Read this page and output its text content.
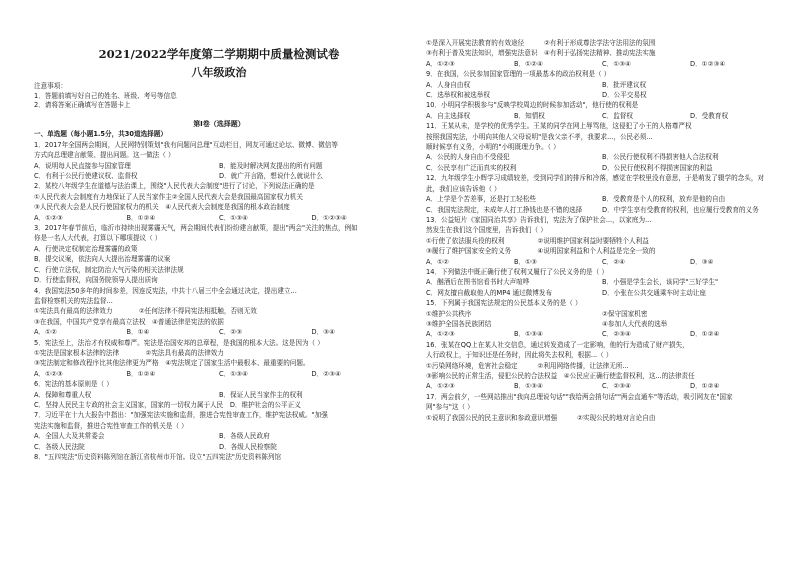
2021/2022学年度第二学期期中质量检测试卷
八年级政治
注意事项：
1．答题前填写好自己的姓名、班级、考号等信息
2．请将答案正确填写在答题卡上
第I卷（选择题）
一、单选题（每小题1.5分，共30道选择题）
1．2017年全国两会期间，人民网特别策划"我有问题问总理"互动栏目，网友可通过论坛、微博、微信等
方式向总理建言献策、提出问题。这一做法（ ）
A．说明每人民直接参与国家管理	B．能及时解决网友提出的所有问题
C．有利于公民行使建议权、监督权	D．就广开言路，想说什么就说什么
2．某校八年级学生在道德与法治课上，围绕"人民代表大会制度"进行了讨论，下列说法正确的是
①人民代表大会制度有力地保证了人民当家作主②全国人民代表大会是我国最高国家权力机关
③人民代表大会是人民行使国家权力的机关　④人民代表大会制度是我国的根本政治制度
A．①②③	B．①②④	C．①③④	D．①②③④
3．2017年春节前后，临沂市持续出现雾霾天气，两会期间代表们纷纷建言献策，提出"两会"关注的焦点，例如
你是一名人大代表，打算以下哪项提议（ ）
A．行使决定权制定治理雾霾的政策
B．提交议案，依法向人大提出治理雾霾的议案
C．行使立法权，制定防治大气污染的相关法律法规
D．行使监督权，向国务院领导人提出质询
4．我国宪法50多年的时间参差，因连反宪法，中共十八届三中全会通过决定，提出建立...
监督检察机关的宪法监督...
①宪法具有最高的法律效力　　　　②任何法律不得同宪法相抵触，否则无效
③在我国，中国共产党享有最高立法权　④普通法律是宪法的依据
A．①②	B．①④	C．②③	D．③④
5．宪法至上，法治才有权威和尊严。宪法是治国安邦的总章程，是我国的根本大法。这是因为（ ）
①宪法是国家根本法律的法律　　　　②宪法具有最高的法律效力
③宪法制定和修改程序比其他法律更为严格　④宪法规定了国家生活中最根本、最重要的问题。
A．①②③	B．①②④	C．①③④	D．②③④
6．宪法的基本原则是（ ）
A．保障和尊重人权	B．保证人民当家作主的权利
C．坚持人民民主专政的社会主义国家，国家的一切权力属于人民　D．维护社会的公平正义
7．习近平在十九大报告中指出："加强宪法实施和监督，推进合宪性审查工作，维护宪法权威。"加强
宪法实施和监督，推进合宪性审查工作的机关是（ ）
A．全国人大及其常委会	B．各级人民政府
C．各级人民法院	D．各级人民检察院
8．"五四宪法"历史资料陈列馆在浙江省杭州市开馆。设立"五四宪法"历史资料陈列馆
①是深入开展宪法教育的有效途径　　　②有利于形成尊法学法守法用法的氛围
③有利于普及宪法知识，增强宪法意识　④有利于弘扬宪法精神、推动宪法实施
A．①②③	B．①②④	C．①③④	D．①②③④
9．在我国，公民参加国家管理的一项最基本的政治权利是（ ）
A．人身自由权	B．批评建议权
C．选举权和被选举权	D．公平交易权
10．小明同学积极参与"反映学校周边的时候参加活动"，他行使的权利是
A．自主选择权	B．知情权	C．监督权	D．受教育权
11．王某从未，是学校的优秀学生。王某的同学在网上辱骂他，这侵犯了小王的人格尊严权
按照我国宪法，小明向其他人父母说明"是我父亲不孝，我要求...，公民必须...
顺时候享有义务，小明的"小明既理力争。（ ）
A．公民的人身自由不受侵犯	B．公民行使权利不得损害他人合法权利
C．公民享有广泛而真实的权利	D．公民行使权利不得损害国家的利益
12．九年级学生小辉学习成绩较差，受到同学们的排斥和冷落，感觉在学校里没有意思，于是萌发了辍学的念头，对
此，我们应该告诉他（ ）
A．上学是个苦差事，还是打工轻松些	B．受教育是个人的权利，放弃是他的自由
C．我国宪法规定，未成年人打工挣钱也是不错的选择	D．中学生享有受教育的权利，也应履行受教育的义务
13．公益短片《家国同治共享》告诉我们，宪法为了保护社会...，以家庭为...
然发生在我们这个国度里，告诉我们（ ）
①行使了依法服兵役的权利　　　　　②说明维护国家利益时要牺牲个人利益
③履行了维护国家安全的义务　　　　④说明国家利益和个人利益是完全一致的
A．①②	B．①③	C．②④	D．③④
14．下列做法中既正确行使了权利又履行了公民义务的是（ ）
A．酗酒后在图书馆看书时大声喧哗	B．小强是学生会长，该同学"三好学生"
C．网友擅自截取他人的MP4 通过微博发布	D．小张在公共交通乘车时主动让座
15．下列属于我国宪法规定的公民基本义务的是（ ）
①维护公共秩序	②保守国家机密
③维护全国各民族团结	④参加人大代表的选举
A．①②③	B．①③④	C．②③④	D．①②④
16．张某在QQ上在某人社交信息，通过转发造成了一定影响，他的行为造成了财产损失，
人行政权上，于知识还是任务时，因此将失去权利，根据...（ ）
①污染网络环境，危害社会稳定　　　②利用网络传播，让法律无所...
③影响公民的正常生活，侵犯公民的合法权益　④公民应正确行使监督权利，这...的法律责任
A．①②③	B．①③④	C．②③④	D．①②④
17．两会前夕，一些网站推出"我向总理说句话""我给两会捎句话""两会直通车"等活动，吸引网友在"国家
网"参与"这（ ）
①说明了我国公民的民主意识和参政意识增强　　　②实现公民的地对言论自由
